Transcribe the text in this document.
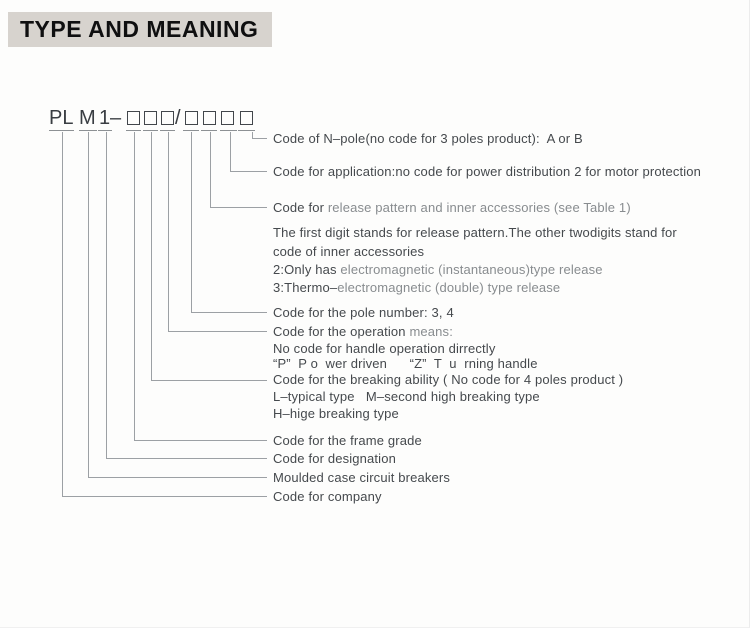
TYPE AND MEANING
PL M 1 –	/
Code of N–pole(no code for 3 poles product):  A or B
Code for application:no code for power distribution 2 for motor protection
Code for release pattern and inner accessories (see Table 1)
The first digit stands for release pattern.The other twodigits stand for
code of inner accessories
2:Only has electromagnetic (instantaneous)type release
3:Thermo–electromagnetic (double) type release
Code for the pole number: 3, 4
Code for the operation means:
No code for handle operation dirrectly
“P”  P o  wer driven      “Z”  T  u  rning handle
Code for the breaking ability ( No code for 4 poles product )
L–typical type   M–second high breaking type
H–hige breaking type
Code for the frame grade
Code for designation
Moulded case circuit breakers
Code for company
